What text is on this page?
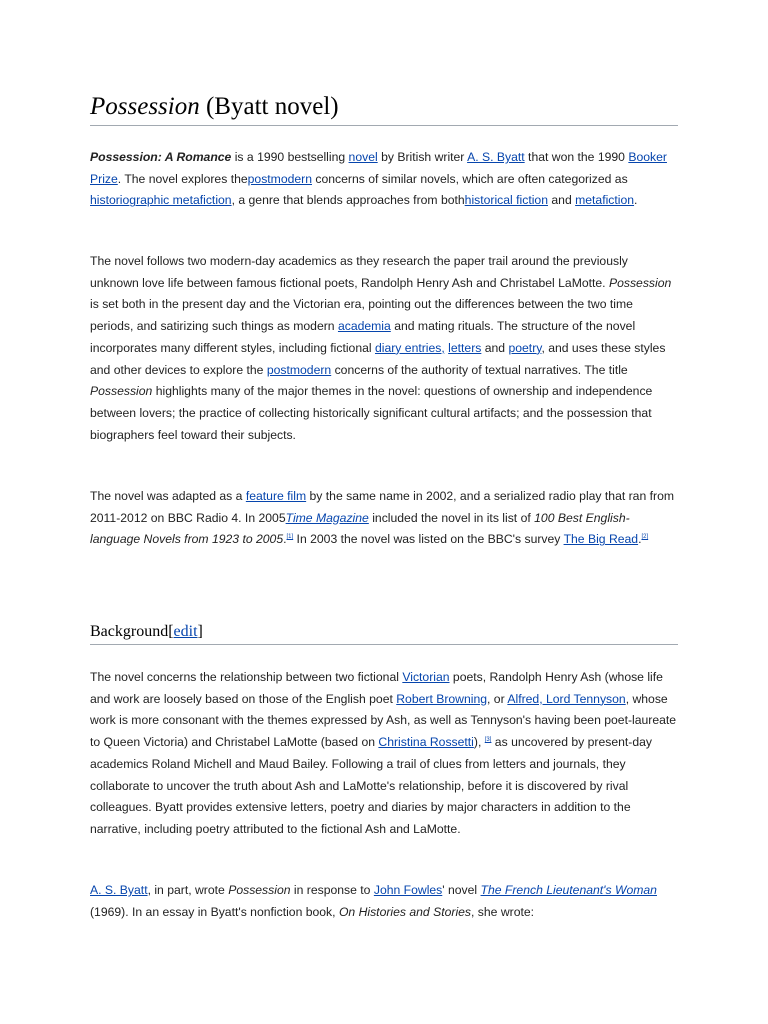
Possession (Byatt novel)

Possession: A Romance is a 1990 bestselling novel by British writer A. S. Byatt that won the 1990 Booker Prize. The novel explores thepostmodern concerns of similar novels, which are often categorized as historiographic metafiction, a genre that blends approaches from bothhistorical fiction and metafiction.

The novel follows two modern-day academics as they research the paper trail around the previously unknown love life between famous fictional poets, Randolph Henry Ash and Christabel LaMotte. Possession is set both in the present day and the Victorian era, pointing out the differences between the two time periods, and satirizing such things as modern academia and mating rituals. The structure of the novel incorporates many different styles, including fictional diary entries, letters and poetry, and uses these styles and other devices to explore the postmodern concerns of the authority of textual narratives. The title Possession highlights many of the major themes in the novel: questions of ownership and independence between lovers; the practice of collecting historically significant cultural artifacts; and the possession that biographers feel toward their subjects.

The novel was adapted as a feature film by the same name in 2002, and a serialized radio play that ran from 2011-2012 on BBC Radio 4. In 2005Time Magazine included the novel in its list of 100 Best English-language Novels from 1923 to 2005.[1] In 2003 the novel was listed on the BBC's survey The Big Read.[2]

Background[edit]

The novel concerns the relationship between two fictional Victorian poets, Randolph Henry Ash (whose life and work are loosely based on those of the English poet Robert Browning, or Alfred, Lord Tennyson, whose work is more consonant with the themes expressed by Ash, as well as Tennyson's having been poet-laureate to Queen Victoria) and Christabel LaMotte (based on Christina Rossetti), [3] as uncovered by present-day academics Roland Michell and Maud Bailey. Following a trail of clues from letters and journals, they collaborate to uncover the truth about Ash and LaMotte's relationship, before it is discovered by rival colleagues. Byatt provides extensive letters, poetry and diaries by major characters in addition to the narrative, including poetry attributed to the fictional Ash and LaMotte.

A. S. Byatt, in part, wrote Possession in response to John Fowles' novel The French Lieutenant's Woman (1969). In an essay in Byatt's nonfiction book, On Histories and Stories, she wrote:
